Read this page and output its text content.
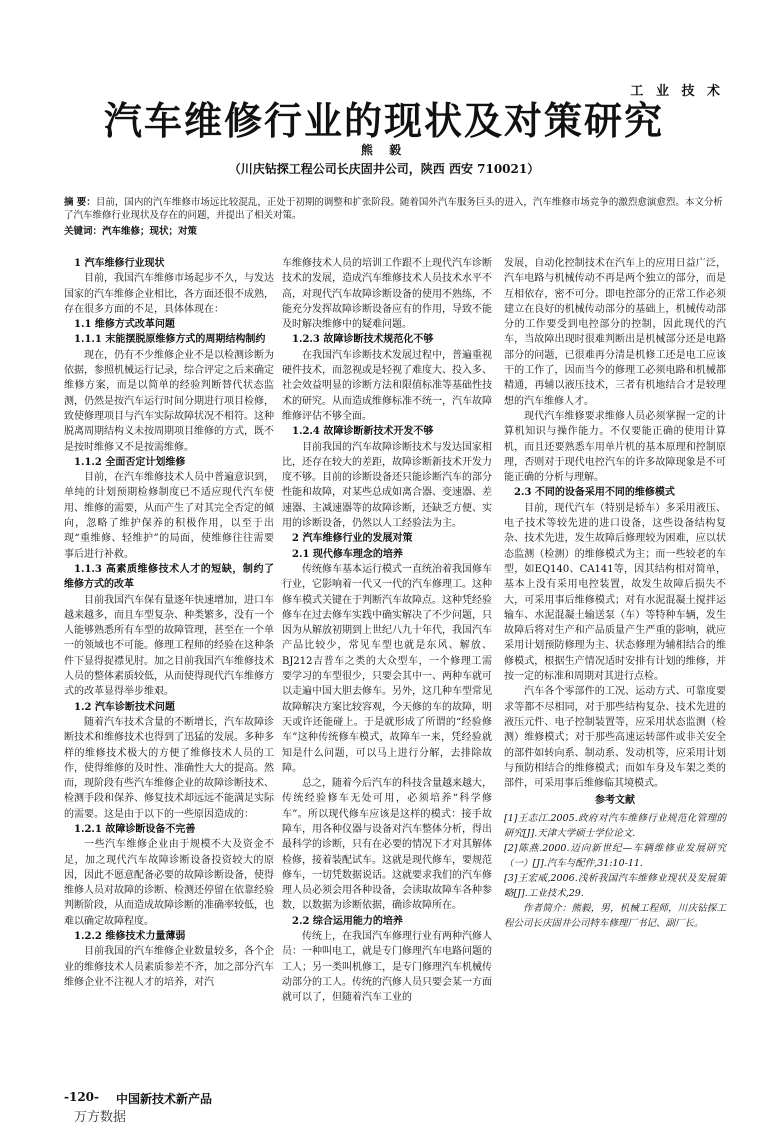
工 业 技 术
汽车维修行业的现状及对策研究
熊 毅
（川庆钻探工程公司长庆固井公司，陕西 西安 710021）
摘 要：目前，国内的汽车维修市场远比较混乱，正处于初期的调整和扩张阶段。随着国外汽车服务巨头的进入，汽车维修市场竞争的激烈愈演愈烈。本文分析了汽车维修行业现状及存在的问题，并提出了相关对策。
关键词：汽车维修；现状；对策
1 汽车维修行业现状

目前，我国汽车维修市场起步不久，与发达国家的汽车维修企业相比，各方面还很不成熟，存在很多方面的不足，具体体现在：

1.1 维修方式改革问题
1.1.1 末能摆脱原维修方式的周期结构制约

现在，仍有不少维修企业不是以检测诊断为依据，参照机械运行记录，综合评定之后来确定维修方案，而是以简单的经验判断替代状态监测，仍然是按汽车运行时间分期进行项目检修，致使修理项目与汽车实际故障状况不相符。这种脱离周期结构义未按周期项目维修的方式，既不是按时维修又不是按需维修。

1.1.2 全面否定计划维修

目前，在汽车维修技术人员中普遍意识到，单纯的计划预期检修制度已不适应现代汽车使用、维修的需要，从而产生了对其完全否定的倾向，忽略了维护保养的积极作用，以至于出现“重维修、轻维护”的局面，使维修往往需要事后进行补救。

1.1.3 高素质维修技术人才的短缺，制约了维修方式的改革

目前我国汽车保有量逐年快速增加，进口车越来越多，而且车型复杂、种类繁多，没有一个人能够熟悉所有车型的故障管理，甚至在一个单一的领域也不可能。修理工程师的经验在这种条件下显得捉襟见肘。加之目前我国汽车维修技术人员的整体素质较低，从而使得现代汽车维修方式的改革显得举步维艰。

1.2 汽车诊断技术问题

随着汽车技术含量的不断增长，汽车故障诊断技术和维修技术也得到了迅猛的发展。多种多样的维修技术极大的方便了维修技术人员的工作，使得维修的及时性、准确性大大的提高。然而，现阶段有些汽车维修企业的故障诊断技术、检测手段和保养、修复技术却远远不能满足实际的需要。这是由于以下的一些原因造成的：

1.2.1 故障诊断设备不完善

一些汽车维修企业由于规模不大及资金不足，加之现代汽车故障诊断设备投资较大的原因，因此不愿意配备必要的故障诊断设备，使得维修人员对故障的诊断、检测还停留在依靠经验判断阶段，从而造成故障诊断的准确率较低，也难以确定故障程度。

1.2.2 维修技术力量薄弱

目前我国的汽车维修企业数量较多，各个企业的维修技术人员素质参差不齐，加之部分汽车维修企业不注视人才的培养，对汽

车维修技术人员的培训工作跟不上现代汽车诊断技术的发展，造成汽车维修技术人员技术水平不高，对现代汽车故障诊断设备的使用不熟练，不能充分发挥故障诊断设备应有的作用，导致不能及时解决维修中的疑难问题。

1.2.3 故障诊断技术规范化不够

在我国汽车诊断技术发展过程中，普遍重视硬件技术，而忽视或是轻视了难度大、投入多、社会效益明显的诊断方法和限值标准等基础性技术的研究。从而造成维修标准不统一，汽车故障维修评估不够全面。

1.2.4 故障诊断新技术开发不够

目前我国的汽车故障诊断技术与发达国家相比，还存在较大的差距，故障诊断新技术开发力度不够。目前的诊断设备还只能诊断汽车的部分性能和故障，对某些总成如离合器、变速器、差速器、主减速器等的故障诊断，还缺乏方便、实用的诊断设备，仍然以人工经验法为主。

2 汽车维修行业的发展对策
2.1 现代修车理念的培养

传统修车基本运行模式一直统治着我国修车行业，它影响着一代又一代的汽车修理工。这种修车模式关键在于判断汽车故障点。这种凭经验修车在过去修车实践中确实解决了不少问题，只因为从解放初期到上世纪八九十年代，我国汽车产品比较少，常见车型也就是东风、解放、BJ212吉普车之类的大众型车，一个修理工需要学习的车型很少，只要会其中一、两种车就可以走遍中国大胆去修车。另外，这几种车型常见故障解决方案比较容观，今天修的车的故障，明天或许还能碰上。于是就形成了所谓的“经验修车”这种传统修车模式，故障车一来，凭经验就知是什么问题，可以马上进行分解，去排除故障。

总之，随着今后汽车的科技含量越来越大，传统经验修车无处可用，必须培养“科学修车”。所以现代修车应该是这样的模式：接手故障车，用各种仪器与设备对汽车整体分析，得出最科学的诊断，只有在必要的情况下才对其解体检修，接着装配试车。这就是现代修车，要规范修车，一切凭数据说话。这就要求我们的汽车修理人员必须会用各种设备，会读取故障车各种参数，以数据为诊断依据，确诊故障所在。

2.2 综合运用能力的培养

传统上，在我国汽车修理行业有两种汽修人员：一种叫电工，就是专门修理汽车电路问题的工人；另一类叫机修工，是专门修理汽车机械传动部分的工人。传统的汽修人员只要会某一方面就可以了，但随着汽车工业的

发展，自动化控制技术在汽车上的应用日益广泛，汽车电路与机械传动不再是两个独立的部分，而是互相依存，密不可分。即电控部分的正常工作必须建立在良好的机械传动部分的基础上，机械传动部分的工作要受到电控部分的控制，因此现代的汽车，当故障出现时很难判断出是机械部分还是电路部分的问题，已很难再分清是机修工还是电工应该干的工作了，因而当今的修理工必须电路和机械都精通，再辅以液压技术，三者有机地结合才是较理想的汽车维修人才。

现代汽车维修要求维修人员必须掌握一定的计算机知识与操作能力。不仅要能正确的使用计算机，而且还要熟悉车用单片机的基本原理和控制原理，否则对于现代电控汽车的许多故障现象是不可能正确的分析与理解。

2.3 不同的设备采用不同的维修模式

目前，现代汽车（特别是轿车）多采用液压、电子技术等较先进的进口设备，这些设备结构复杂、技术先进，发生故障后修理较为困难，应以状态监测（检测）的维修模式为主；而一些较老的车型，如EQ140、CA141等，因其结构相对简单，基本上没有采用电控装置，故发生故障后损失不大，可采用事后维修模式；对有水泥混凝土搅拌运输车、水泥混凝土输送泵（车）等特种车辆，发生故障后将对生产和产品质量产生严重的影响，就应采用计划预防修理为主、状态修理为辅相结合的维修模式，根据生产情况适时安排有计划的维修，并按一定的标准和周期对其进行点检。

汽车各个零部件的工况、运动方式、可靠度要求等都不尽相同，对于那些结构复杂、技术先进的液压元件、电子控制装置等，应采用状态监测（检测）维修模式；对于那些高速运转部件或非关安全的部件如转向系、制动系、发动机等，应采用计划与预防相结合的维修模式；而如车身及车架之类的部件，可采用事后维修临其境模式。

参考文献
[1]王志江.2005.政府对汽车维修行业规范化管理的研究[J].天津大学硕士学位论文.
[2]陈燕.2000.迈向新世纪—车辆维修业发展研究（一）[J].汽车与配件,31:10-11.
[3]王宏威,2006.浅析我国汽车维修业现状及发展策略[J].工业技术,29.
作者简介：熊毅，男，机械工程师，川庆钻探工程公司长庆固井公司特车修理厂书记、副厂长。
-120- 中国新技术新产品
万方数据
